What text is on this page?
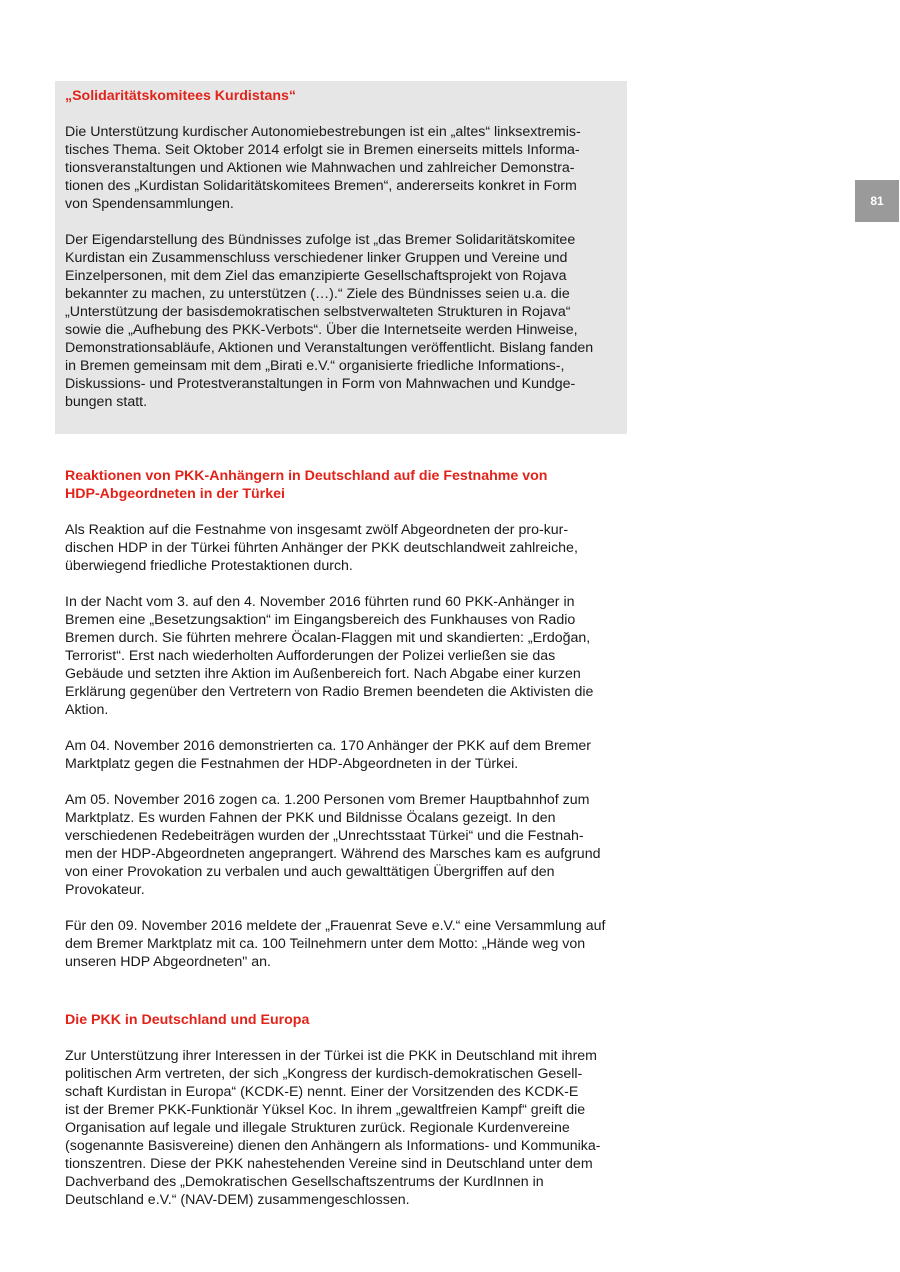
81
„Solidaritätskomitees Kurdistans“

Die Unterstützung kurdischer Autonomiebestrebungen ist ein „altes“ linksextremis-
tisches Thema. Seit Oktober 2014 erfolgt sie in Bremen einerseits mittels Informa-
tionsveranstaltungen und Aktionen wie Mahnwachen und zahlreicher Demonstra-
tionen des „Kurdistan Solidaritätskomitees Bremen“, andererseits konkret in Form
von Spendensammlungen.

Der Eigendarstellung des Bündnisses zufolge ist „das Bremer Solidaritätskomitee
Kurdistan ein Zusammenschluss verschiedener linker Gruppen und Vereine und
Einzelpersonen, mit dem Ziel das emanzipierte Gesellschaftsprojekt von Rojava
bekannter zu machen, zu unterstützen (…).“ Ziele des Bündnisses seien u.a. die
„Unterstützung der basisdemokratischen selbstverwalteten Strukturen in Rojava“
sowie die „Aufhebung des PKK-Verbots“. Über die Internetseite werden Hinweise,
Demonstrationsabläufe, Aktionen und Veranstaltungen veröffentlicht. Bislang fanden
in Bremen gemeinsam mit dem „Birati e.V.“ organisierte friedliche Informations-,
Diskussions- und Protestveranstaltungen in Form von Mahnwachen und Kundge-
bungen statt.

Reaktionen von PKK-Anhängern in Deutschland auf die Festnahme von
HDP-Abgeordneten in der Türkei

Als Reaktion auf die Festnahme von insgesamt zwölf Abgeordneten der pro-kur-
dischen HDP in der Türkei führten Anhänger der PKK deutschlandweit zahlreiche,
überwiegend friedliche Protestaktionen durch.

In der Nacht vom 3. auf den 4. November 2016 führten rund 60 PKK-Anhänger in
Bremen eine „Besetzungsaktion“ im Eingangsbereich des Funkhauses von Radio
Bremen durch. Sie führten mehrere Öcalan-Flaggen mit und skandierten: „Erdoğan,
Terrorist“. Erst nach wiederholten Aufforderungen der Polizei verließen sie das
Gebäude und setzten ihre Aktion im Außenbereich fort. Nach Abgabe einer kurzen
Erklärung gegenüber den Vertretern von Radio Bremen beendeten die Aktivisten die
Aktion.

Am 04. November 2016 demonstrierten ca. 170 Anhänger der PKK auf dem Bremer
Marktplatz gegen die Festnahmen der HDP-Abgeordneten in der Türkei.

Am 05. November 2016 zogen ca. 1.200 Personen vom Bremer Hauptbahnhof zum
Marktplatz. Es wurden Fahnen der PKK und Bildnisse Öcalans gezeigt. In den
verschiedenen Redebeiträgen wurden der „Unrechtsstaat Türkei“ und die Festnah-
men der HDP-Abgeordneten angeprangert. Während des Marsches kam es aufgrund
von einer Provokation zu verbalen und auch gewalttätigen Übergriffen auf den
Provokateur.

Für den 09. November 2016 meldete der „Frauenrat Seve e.V.“ eine Versammlung auf
dem Bremer Marktplatz mit ca. 100 Teilnehmern unter dem Motto: „Hände weg von
unseren HDP Abgeordneten" an.

Die PKK in Deutschland und Europa

Zur Unterstützung ihrer Interessen in der Türkei ist die PKK in Deutschland mit ihrem
politischen Arm vertreten, der sich „Kongress der kurdisch-demokratischen Gesell-
schaft Kurdistan in Europa“ (KCDK-E) nennt. Einer der Vorsitzenden des KCDK-E
ist der Bremer PKK-Funktionär Yüksel Koc. In ihrem „gewaltfreien Kampf“ greift die
Organisation auf legale und illegale Strukturen zurück. Regionale Kurdenvereine
(sogenannte Basisvereine) dienen den Anhängern als Informations- und Kommunika-
tionszentren. Diese der PKK nahestehenden Vereine sind in Deutschland unter dem
Dachverband des „Demokratischen Gesellschaftszentrums der KurdInnen in
Deutschland e.V.“ (NAV-DEM) zusammengeschlossen.
